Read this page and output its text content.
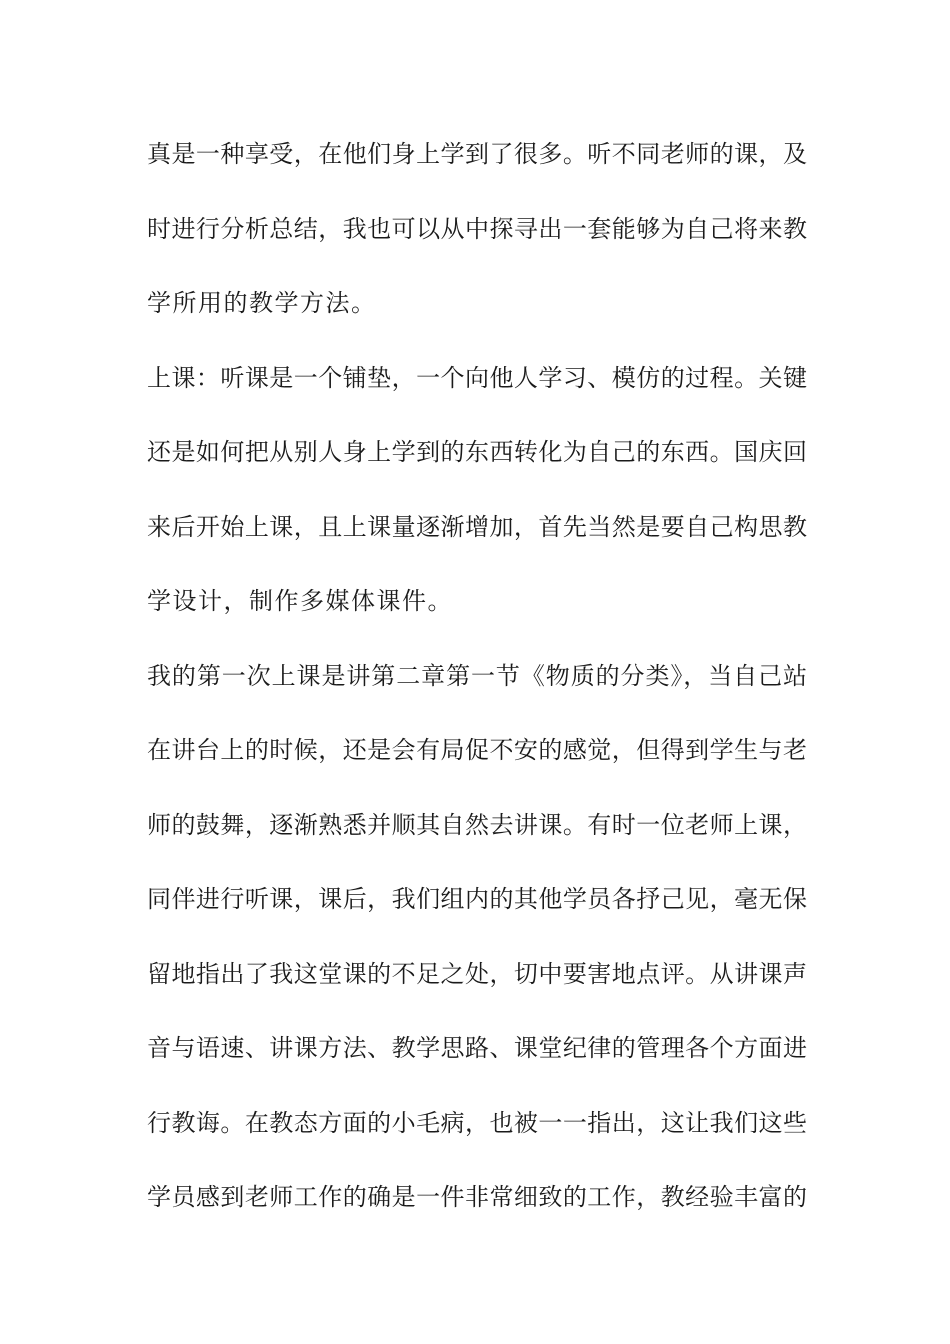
真是一种享受，在他们身上学到了很多。听不同老师的课，及
时进行分析总结，我也可以从中探寻出一套能够为自己将来教
学所用的教学方法。
上课：听课是一个铺垫，一个向他人学习、模仿的过程。关键
还是如何把从别人身上学到的东西转化为自己的东西。国庆回
来后开始上课，且上课量逐渐增加，首先当然是要自己构思教
学设计，制作多媒体课件。
我的第一次上课是讲第二章第一节《物质的分类》，当自己站
在讲台上的时候，还是会有局促不安的感觉，但得到学生与老
师的鼓舞，逐渐熟悉并顺其自然去讲课。有时一位老师上课，
同伴进行听课，课后，我们组内的其他学员各抒己见，毫无保
留地指出了我这堂课的不足之处，切中要害地点评。从讲课声
音与语速、讲课方法、教学思路、课堂纪律的管理各个方面进
行教诲。在教态方面的小毛病，也被一一指出，这让我们这些
学员感到老师工作的确是一件非常细致的工作，教经验丰富的
